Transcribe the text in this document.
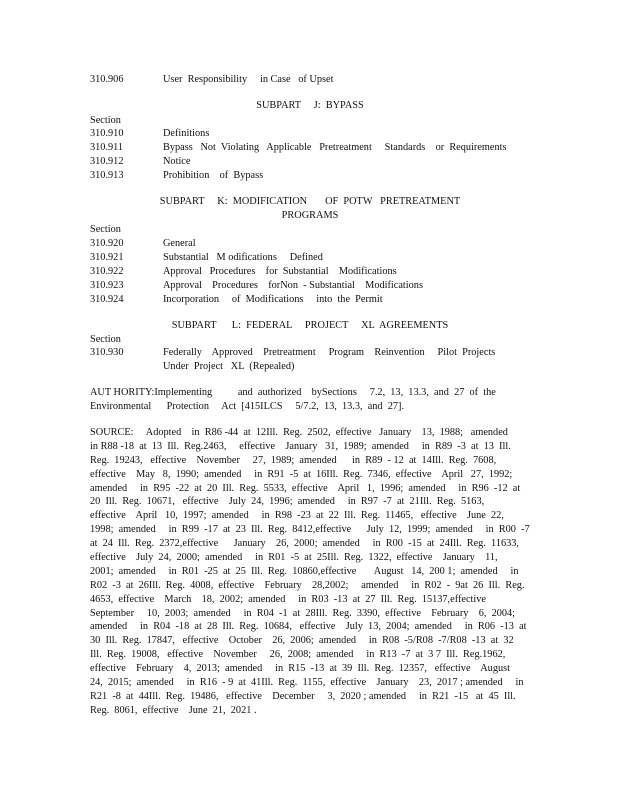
310.906	User  Responsibility     in Case   of Upset
SUBPART     J:  BYPASS
Section
310.910	Definitions
310.911	Bypass   Not  Violating   Applicable   Pretreatment     Standards    or  Requirements
310.912	Notice
310.913	Prohibition    of  Bypass
SUBPART     K:  MODIFICATION       OF  POTW   PRETREATMENT
PROGRAMS
Section
310.920	General
310.921	Substantial   M odifications     Defined
310.922	Approval   Procedures    for  Substantial    Modifications
310.923	Approval    Procedures    forNon  - Substantial    Modifications
310.924	Incorporation     of  Modifications     into  the  Permit
SUBPART      L:  FEDERAL     PROJECT     XL  AGREEMENTS
Section
310.930	Federally    Approved    Pretreatment     Program    Reinvention     Pilot  Projects
Under  Project   XL  (Repealed)
AUT HORITY:Implementing          and  authorized    bySections     7.2,  13,  13.3,  and  27  of  the
Environmental      Protection     Act  [415ILCS     5/7.2,  13,  13.3,  and  27].
SOURCE:     Adopted    in  R86 -44  at  12Ill.  Reg.  2502,  effective   January    13,  1988;   amended
in R88 -18  at  13  Ill.  Reg.2463,     effective    January   31,  1989;  amended     in  R89  -3  at  13  Ill.
Reg.  19243,   effective    November     27,  1989;  amended      in  R89  - 12  at  14Ill.  Reg.  7608,
effective    May   8,  1990;  amended     in  R91  -5  at  16Ill.  Reg.  7346,  effective    April   27,  1992;
amended     in  R95  -22  at  20  Ill.  Reg.  5533,  effective    April   1,  1996;  amended     in  R96  -12  at
20  Ill.  Reg.  10671,   effective    July  24,  1996;  amended     in  R97  -7  at  21Ill.  Reg.  5163,
effective    April   10,  1997;  amended     in  R98  -23  at  22  Ill.  Reg.  11465,   effective    June  22,
1998;  amended     in  R99  -17  at  23  Ill.  Reg.  8412,effective      July  12,  1999;  amended     in  R00  -7
at  24  Ill.  Reg.  2372,effective      January    26,  2000;  amended     in  R00  -15  at  24Ill.  Reg.  11633,
effective    July  24,  2000;  amended     in  R01  -5  at  25Ill.  Reg.  1322,  effective    January    11,
2001;  amended     in  R01  -25  at  25  Ill.  Reg.  10860,effective       August   14,  200 1;  amended     in
R02  -3  at  26Ill.  Reg.  4008,  effective    February    28,2002;     amended     in  R02  -  9at  26  Ill.  Reg.
4653,  effective    March    18,  2002;  amended     in  R03  -13  at  27  Ill.  Reg.  15137,effective
September     10,  2003;  amended     in  R04  -1  at  28Ill.  Reg.  3390,  effective    February    6,  2004;
amended     in  R04  -18  at  28  Ill.  Reg.  10684,   effective    July  13,  2004;  amended     in  R06  -13  at
30  Ill.  Reg.  17847,   effective    October    26,  2006;  amended     in  R08  -5/R08  -7/R08  -13  at  32
Ill.  Reg.  19008,   effective    November     26,  2008;  amended     in  R13  -7  at  3 7  Ill.  Reg.1962,
effective    February    4,  2013;  amended     in  R15  -13  at  39  Ill.  Reg.  12357,   effective    August
24,  2015;  amended     in  R16  - 9  at  41Ill.  Reg.  1155,  effective    January    23,  2017 ; amended     in
R21  -8  at  44Ill.  Reg.  19486,   effective    December     3,  2020 ; amended     in  R21  -15   at  45  Ill.
Reg.  8061,  effective    June  21,  2021 .
